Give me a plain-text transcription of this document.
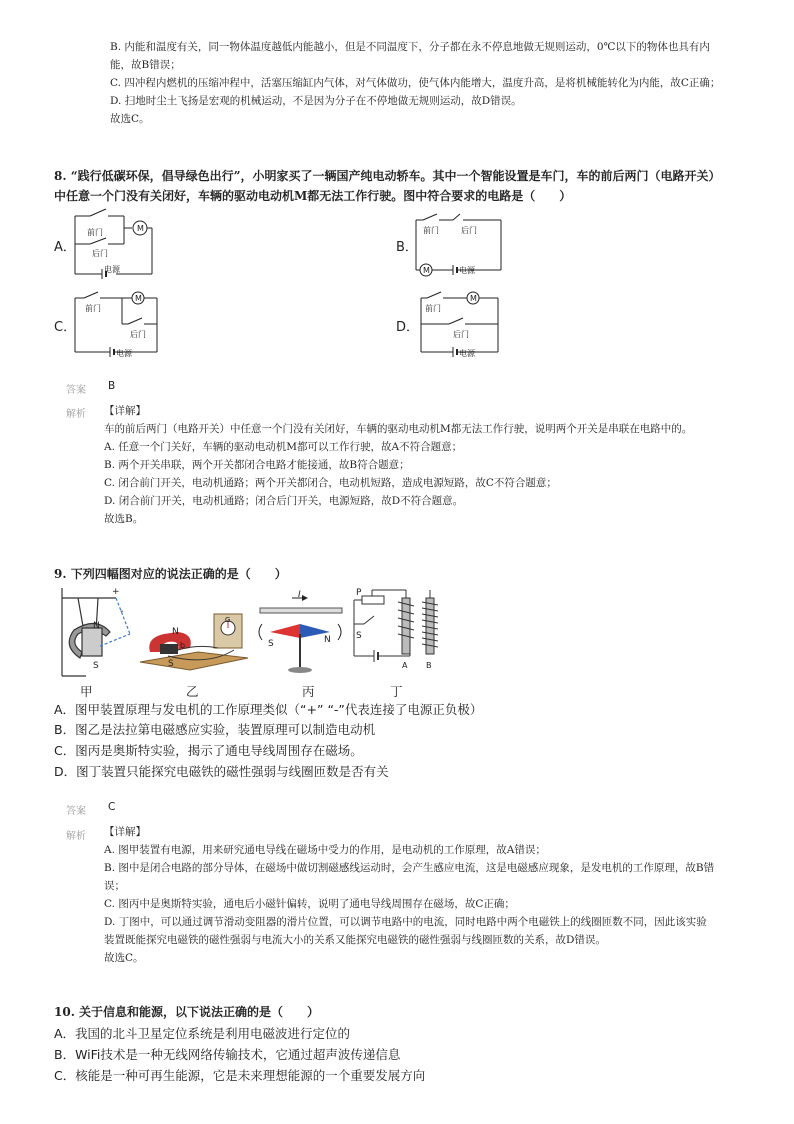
B. 内能和温度有关，同一物体温度越低内能越小，但是不同温度下，分子都在永不停息地做无规则运动，0℃以下的物体也具有内
能，故B错误；
C. 四冲程内燃机的压缩冲程中，活塞压缩缸内气体，对气体做功，使气体内能增大，温度升高，是将机械能转化为内能，故C正确；
D. 扫地时尘土飞扬是宏观的机械运动，不是因为分子在不停地做无规则运动，故D错误。
故选C。
8. “践行低碳环保，倡导绿色出行”，小明家买了一辆国产纯电动轿车。其中一个智能设置是车门，车的前后两门（电路开关）
中任意一个门没有关闭好，车辆的驱动电动机M都无法工作行驶。图中符合要求的电路是（　　）
A．	B．
C．	D．
前门
后门
电源
M	前门	后门
M	电源
前门
后门
M
电源
前门
后门
M
电源
答案 B
解析 【详解】
车的前后两门（电路开关）中任意一个门没有关闭好，车辆的驱动电动机M都无法工作行驶，说明两个开关是串联在电路中的。
A. 任意一个门关好，车辆的驱动电动机M都可以工作行驶，故A不符合题意；
B. 两个开关串联，两个开关都闭合电路才能接通，故B符合题意；
C. 闭合前门开关，电动机通路；两个开关都闭合，电动机短路，造成电源短路，故C不符合题意；
D. 闭合前门开关，电动机通路；闭合后门开关，电源短路，故D不符合题意。
故选B。
9. 下列四幅图对应的说法正确的是（　　）
+
-
N
S
N
b
S
G
I
S	N
P
S
A B
甲	乙	丙	丁
A．图甲装置原理与发电机的工作原理类似（“+” “-”代表连接了电源正负极）
B．图乙是法拉第电磁感应实验，装置原理可以制造电动机
C．图丙是奥斯特实验，揭示了通电导线周围存在磁场。
D．图丁装置只能探究电磁铁的磁性强弱与线圈匝数是否有关
答案 C
解析 【详解】
A. 图甲装置有电源，用来研究通电导线在磁场中受力的作用，是电动机的工作原理，故A错误；
B. 图中是闭合电路的部分导体，在磁场中做切割磁感线运动时，会产生感应电流，这是电磁感应现象，是发电机的工作原理，故B错
误；
C. 图丙中是奥斯特实验，通电后小磁针偏转，说明了通电导线周围存在磁场，故C正确；
D. 丁图中，可以通过调节滑动变阻器的滑片位置，可以调节电路中的电流，同时电路中两个电磁铁上的线圈匝数不同，因此该实验
装置既能探究电磁铁的磁性强弱与电流大小的关系又能探究电磁铁的磁性强弱与线圈匝数的关系，故D错误。
故选C。
10. 关于信息和能源，以下说法正确的是（　　）
A．我国的北斗卫星定位系统是利用电磁波进行定位的
B．WiFi技术是一种无线网络传输技术，它通过超声波传递信息
C．核能是一种可再生能源，它是未来理想能源的一个重要发展方向
